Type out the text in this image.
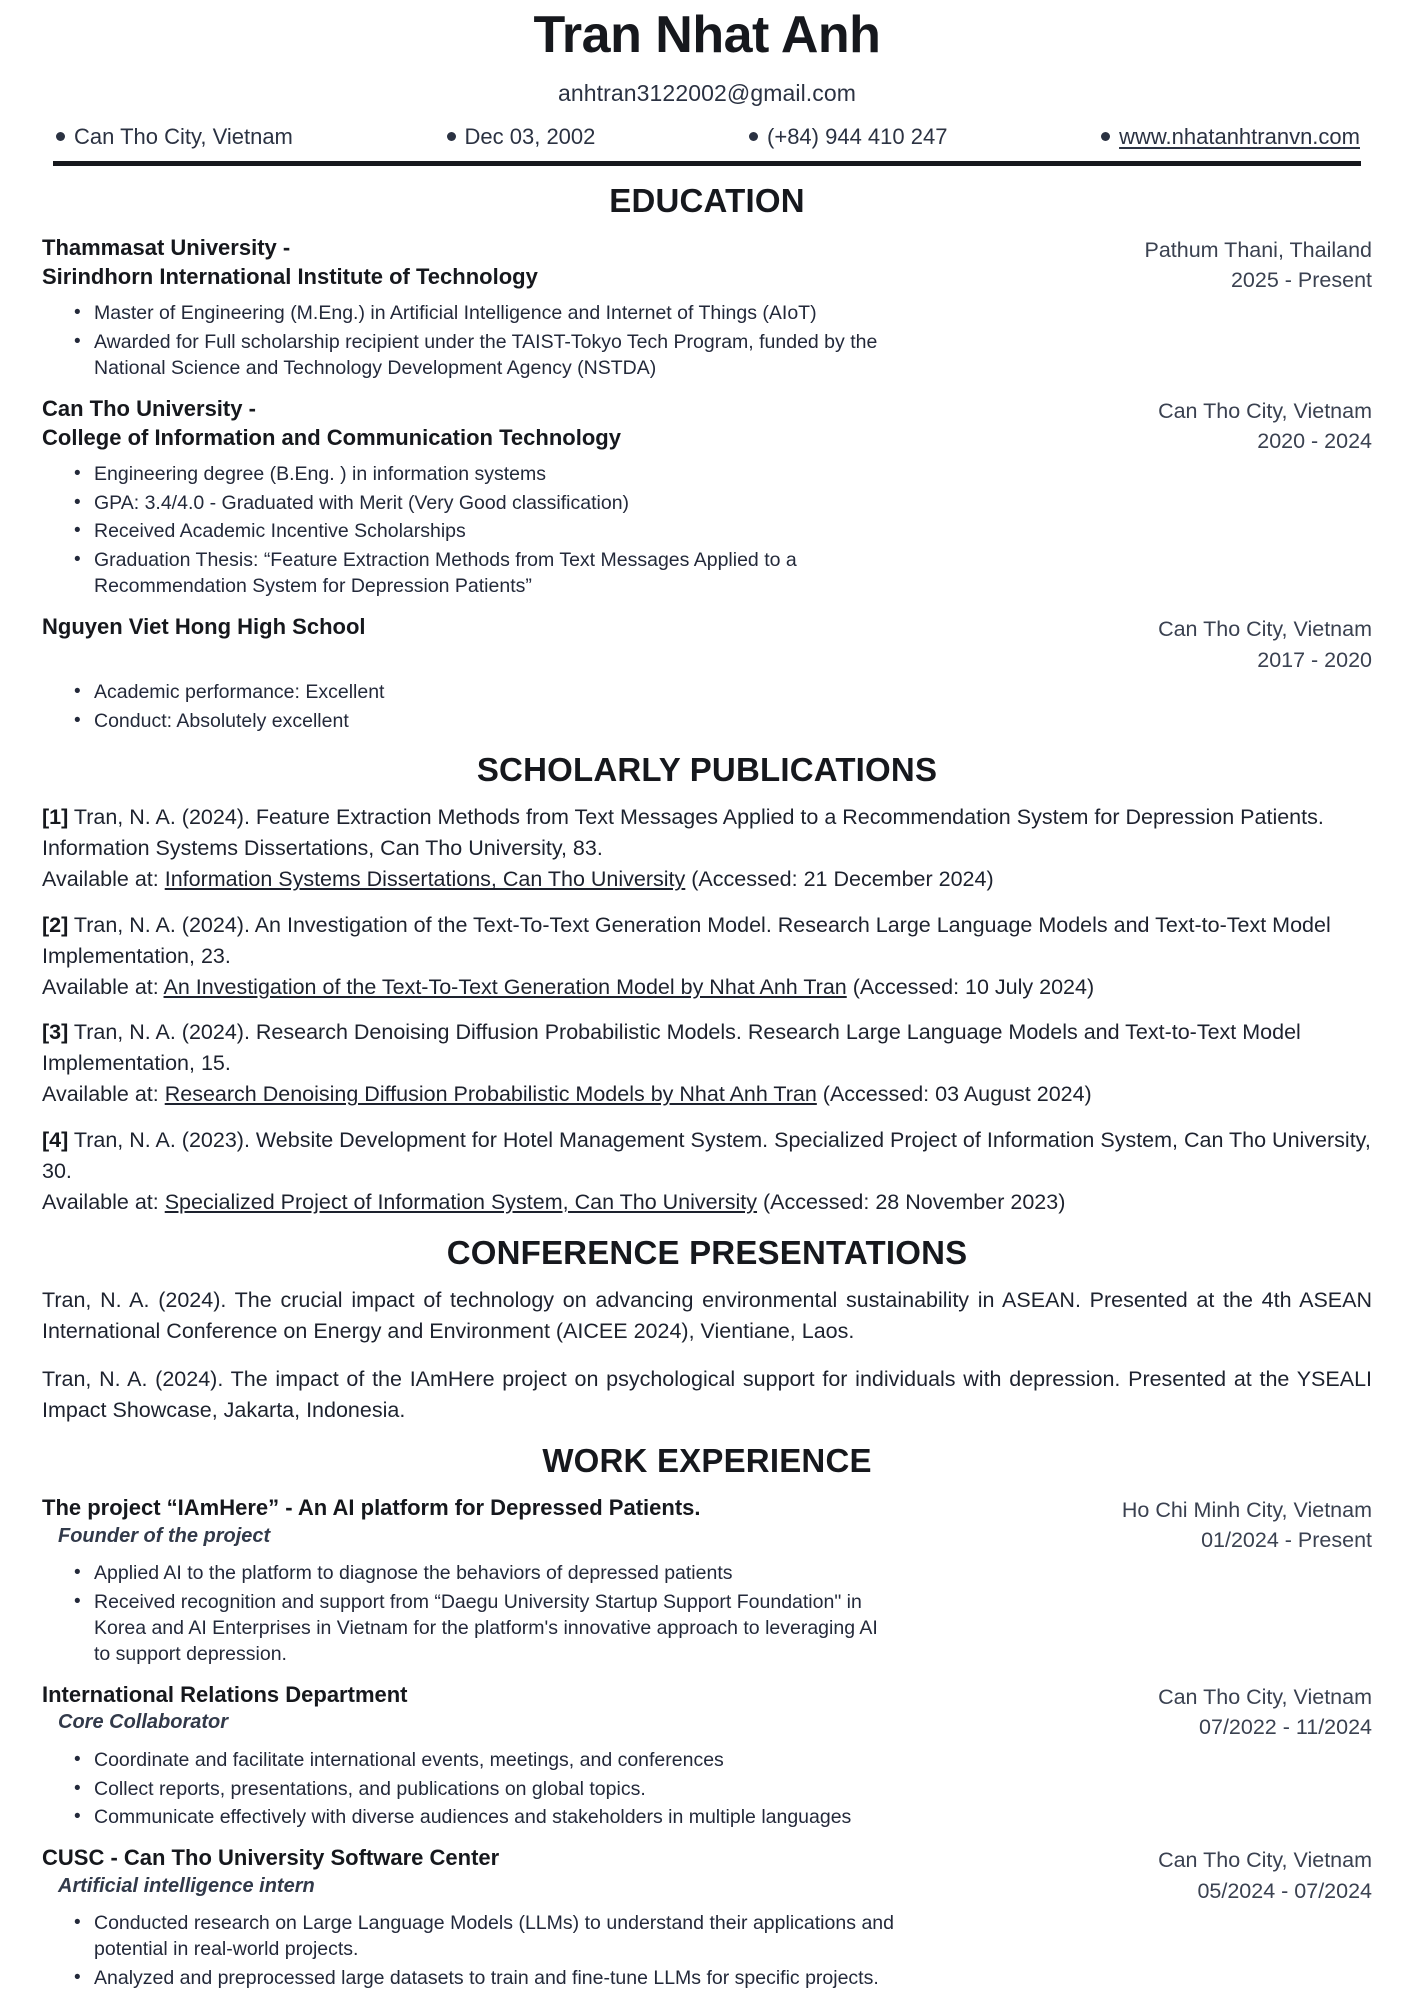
Tran Nhat Anh
anhtran3122002@gmail.com
Can Tho City, Vietnam	Dec 03, 2002	(+84) 944 410 247	www.nhatanhtranvn.com
EDUCATION
Thammasat University -
Sirindhorn International Institute of Technology
Pathum Thani, Thailand
2025 - Present
• Master of Engineering (M.Eng.) in Artificial Intelligence and Internet of Things (AIoT)
• Awarded for Full scholarship recipient under the TAIST-Tokyo Tech Program, funded by the National Science and Technology Development Agency (NSTDA)
Can Tho University -
College of Information and Communication Technology
Can Tho City, Vietnam
2020 - 2024
• Engineering degree (B.Eng. ) in information systems
• GPA: 3.4/4.0 - Graduated with Merit (Very Good classification)
• Received Academic Incentive Scholarships
• Graduation Thesis: “Feature Extraction Methods from Text Messages Applied to a Recommendation System for Depression Patients”
Nguyen Viet Hong High School	Can Tho City, Vietnam
2017 - 2020
• Academic performance: Excellent
• Conduct: Absolutely excellent
SCHOLARLY PUBLICATIONS
[1] Tran, N. A. (2024). Feature Extraction Methods from Text Messages Applied to a Recommendation System for Depression Patients. Information Systems Dissertations, Can Tho University, 83.
Available at: Information Systems Dissertations, Can Tho University (Accessed: 21 December 2024)
[2] Tran, N. A. (2024). An Investigation of the Text-To-Text Generation Model. Research Large Language Models and Text-to-Text Model Implementation, 23.
Available at: An Investigation of the Text-To-Text Generation Model by Nhat Anh Tran (Accessed: 10 July 2024)
[3] Tran, N. A. (2024). Research Denoising Diffusion Probabilistic Models. Research Large Language Models and Text-to-Text Model Implementation, 15.
Available at: Research Denoising Diffusion Probabilistic Models by Nhat Anh Tran (Accessed: 03 August 2024)
[4] Tran, N. A. (2023). Website Development for Hotel Management System. Specialized Project of Information System, Can Tho University, 30.
Available at: Specialized Project of Information System, Can Tho University (Accessed: 28 November 2023)
CONFERENCE PRESENTATIONS
Tran, N. A. (2024). The crucial impact of technology on advancing environmental sustainability in ASEAN. Presented at the 4th ASEAN International Conference on Energy and Environment (AICEE 2024), Vientiane, Laos.
Tran, N. A. (2024). The impact of the IAmHere project on psychological support for individuals with depression. Presented at the YSEALI Impact Showcase, Jakarta, Indonesia.
WORK EXPERIENCE
The project “IAmHere” - An AI platform for Depressed Patients.
Founder of the project
Ho Chi Minh City, Vietnam
01/2024 - Present
• Applied AI to the platform to diagnose the behaviors of depressed patients
• Received recognition and support from “Daegu University Startup Support Foundation" in Korea and AI Enterprises in Vietnam for the platform's innovative approach to leveraging AI to support depression.
International Relations Department
Core Collaborator
Can Tho City, Vietnam
07/2022 - 11/2024
• Coordinate and facilitate international events, meetings, and conferences
• Collect reports, presentations, and publications on global topics.
• Communicate effectively with diverse audiences and stakeholders in multiple languages
CUSC - Can Tho University Software Center
Artificial intelligence intern
Can Tho City, Vietnam
05/2024 - 07/2024
• Conducted research on Large Language Models (LLMs) to understand their applications and potential in real-world projects.
• Analyzed and preprocessed large datasets to train and fine-tune LLMs for specific projects.
